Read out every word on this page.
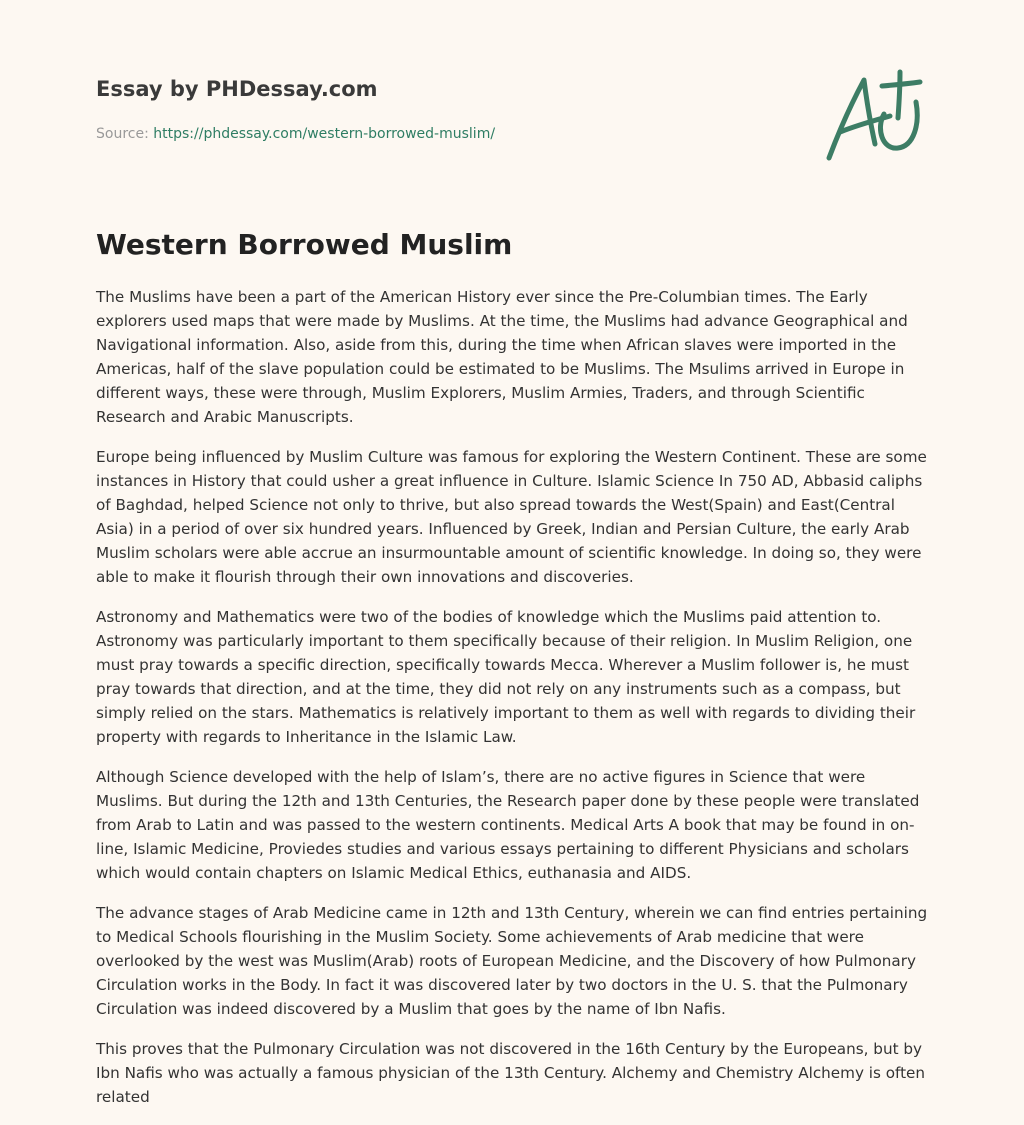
Essay by PHDessay.com
Source: https://phdessay.com/western-borrowed-muslim/
Western Borrowed Muslim

The Muslims have been a part of the American History ever since the Pre-Columbian times. The Early explorers used maps that were made by Muslims. At the time, the Muslims had advance Geographical and Navigational information. Also, aside from this, during the time when African slaves were imported in the Americas, half of the slave population could be estimated to be Muslims. The Msulims arrived in Europe in different ways, these were through, Muslim Explorers, Muslim Armies, Traders, and through Scientific Research and Arabic Manuscripts.

Europe being influenced by Muslim Culture was famous for exploring the Western Continent. These are some instances in History that could usher a great influence in Culture. Islamic Science In 750 AD, Abbasid caliphs of Baghdad, helped Science not only to thrive, but also spread towards the West(Spain) and East(Central Asia) in a period of over six hundred years. Influenced by Greek, Indian and Persian Culture, the early Arab Muslim scholars were able accrue an insurmountable amount of scientific knowledge. In doing so, they were able to make it flourish through their own innovations and discoveries.

Astronomy and Mathematics were two of the bodies of knowledge which the Muslims paid attention to. Astronomy was particularly important to them specifically because of their religion. In Muslim Religion, one must pray towards a specific direction, specifically towards Mecca. Wherever a Muslim follower is, he must pray towards that direction, and at the time, they did not rely on any instruments such as a compass, but simply relied on the stars. Mathematics is relatively important to them as well with regards to dividing their property with regards to Inheritance in the Islamic Law.

Although Science developed with the help of Islam’s, there are no active figures in Science that were Muslims. But during the 12th and 13th Centuries, the Research paper done by these people were translated from Arab to Latin and was passed to the western continents. Medical Arts A book that may be found in on-line, Islamic Medicine, Proviedes studies and various essays pertaining to different Physicians and scholars which would contain chapters on Islamic Medical Ethics, euthanasia and AIDS.

The advance stages of Arab Medicine came in 12th and 13th Century, wherein we can find entries pertaining to Medical Schools flourishing in the Muslim Society. Some achievements of Arab medicine that were overlooked by the west was Muslim(Arab) roots of European Medicine, and the Discovery of how Pulmonary Circulation works in the Body. In fact it was discovered later by two doctors in the U. S. that the Pulmonary Circulation was indeed discovered by a Muslim that goes by the name of Ibn Nafis.

This proves that the Pulmonary Circulation was not discovered in the 16th Century by the Europeans, but by Ibn Nafis who was actually a famous physician of the 13th Century. Alchemy and Chemistry Alchemy is often related
